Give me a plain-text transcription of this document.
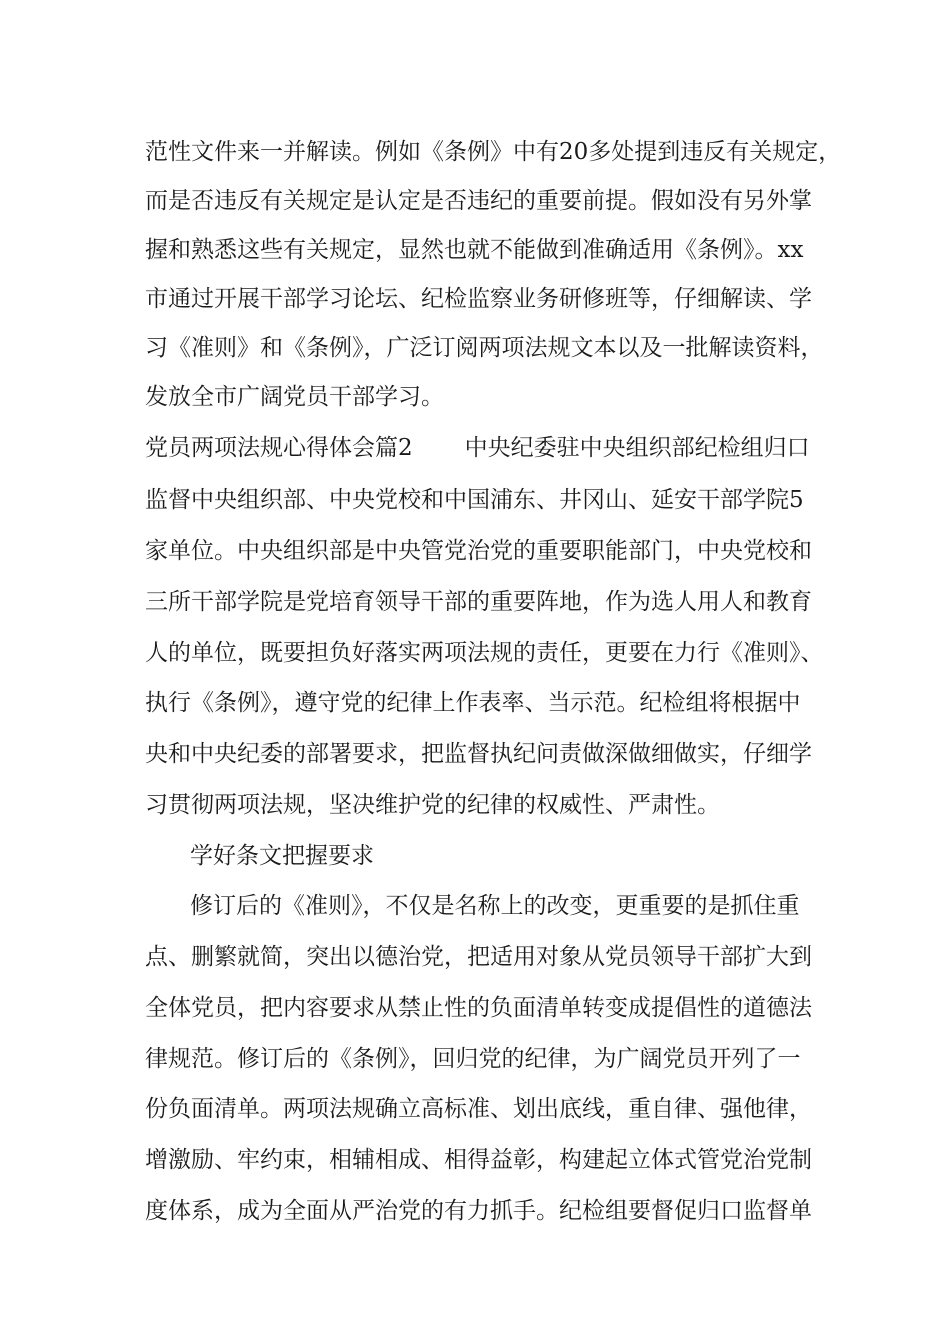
范性文件来一并解读。例如《条例》中有20多处提到违反有关规定，

而是否违反有关规定是认定是否违纪的重要前提。假如没有另外掌

握和熟悉这些有关规定，显然也就不能做到准确适用《条例》。xx

市通过开展干部学习论坛、纪检监察业务研修班等，仔细解读、学

习《准则》和《条例》，广泛订阅两项法规文本以及一批解读资料，

发放全市广阔党员干部学习。

党员两项法规心得体会篇2 中央纪委驻中央组织部纪检组归口

监督中央组织部、中央党校和中国浦东、井冈山、延安干部学院5

家单位。中央组织部是中央管党治党的重要职能部门，中央党校和

三所干部学院是党培育领导干部的重要阵地，作为选人用人和教育

人的单位，既要担负好落实两项法规的责任，更要在力行《准则》、

执行《条例》，遵守党的纪律上作表率、当示范。纪检组将根据中

央和中央纪委的部署要求，把监督执纪问责做深做细做实，仔细学

习贯彻两项法规，坚决维护党的纪律的权威性、严肃性。

学好条文把握要求

修订后的《准则》，不仅是名称上的改变，更重要的是抓住重

点、删繁就简，突出以德治党，把适用对象从党员领导干部扩大到

全体党员，把内容要求从禁止性的负面清单转变成提倡性的道德法

律规范。修订后的《条例》，回归党的纪律，为广阔党员开列了一

份负面清单。两项法规确立高标准、划出底线，重自律、强他律，

增激励、牢约束，相辅相成、相得益彰，构建起立体式管党治党制

度体系，成为全面从严治党的有力抓手。纪检组要督促归口监督单
